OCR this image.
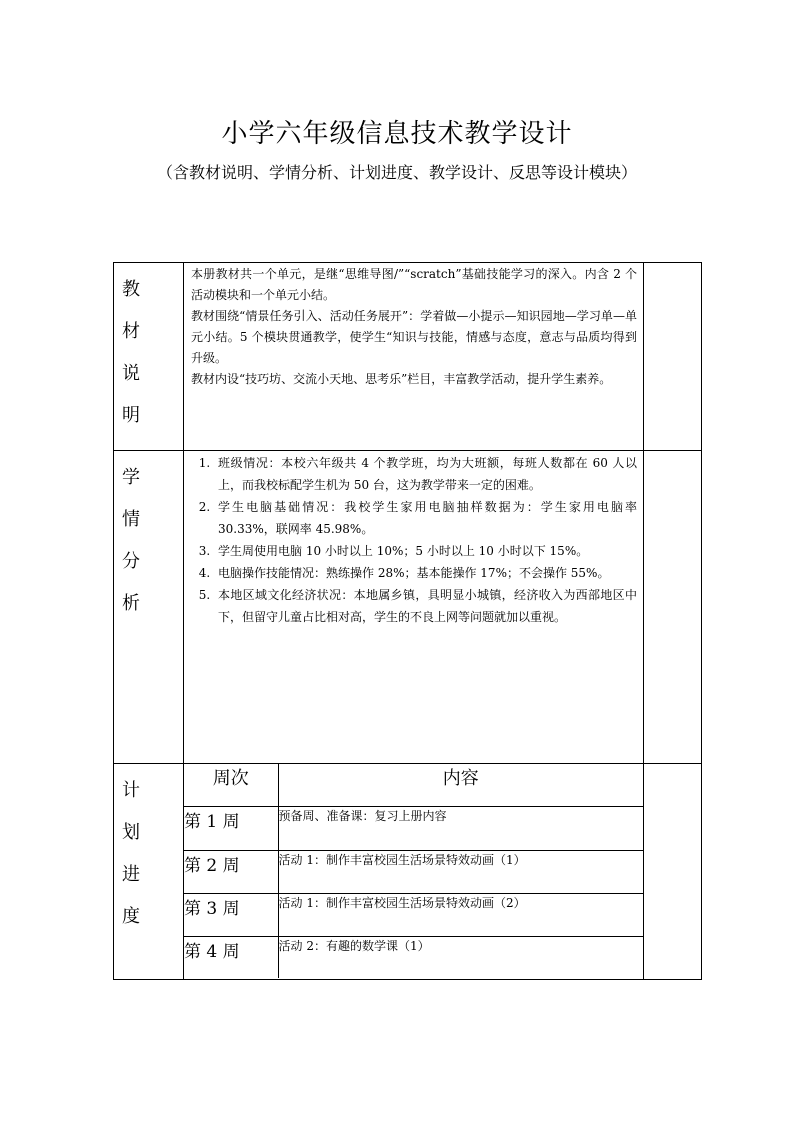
小学六年级信息技术教学设计
（含教材说明、学情分析、计划进度、教学设计、反思等设计模块）
教
材
说
明

本册教材共一个单元，是继“思维导图/”“scratch”基础技能学习的深入。内含 2 个活动模块和一个单元小结。

教材围绕“情景任务引入、活动任务展开”：学着做—小提示—知识园地—学习单—单元小结。5 个模块贯通教学，使学生“知识与技能，情感与态度，意志与品质均得到升级。

教材内设“技巧坊、交流小天地、思考乐”栏目，丰富教学活动，提升学生素养。

学
情
分
析

1. 班级情况：本校六年级共 4 个教学班，均为大班额，每班人数都在 60 人以上，而我校标配学生机为 50 台，这为教学带来一定的困难。
2. 学生电脑基础情况：我校学生家用电脑抽样数据为：学生家用电脑率 30.33%，联网率 45.98%。
3. 学生周使用电脑 10 小时以上 10%；5 小时以上 10 小时以下 15%。
4. 电脑操作技能情况：熟练操作 28%；基本能操作 17%；不会操作 55%。
5. 本地区域文化经济状况：本地属乡镇，具明显小城镇，经济收入为西部地区中下，但留守儿童占比相对高，学生的不良上网等问题就加以重视。

计
划
进
度

周次	内容
第 1 周	预备周、准备课：复习上册内容
第 2 周	活动 1：制作丰富校园生活场景特效动画（1）
第 3 周	活动 1：制作丰富校园生活场景特效动画（2）
第 4 周	活动 2：有趣的数学课（1）
